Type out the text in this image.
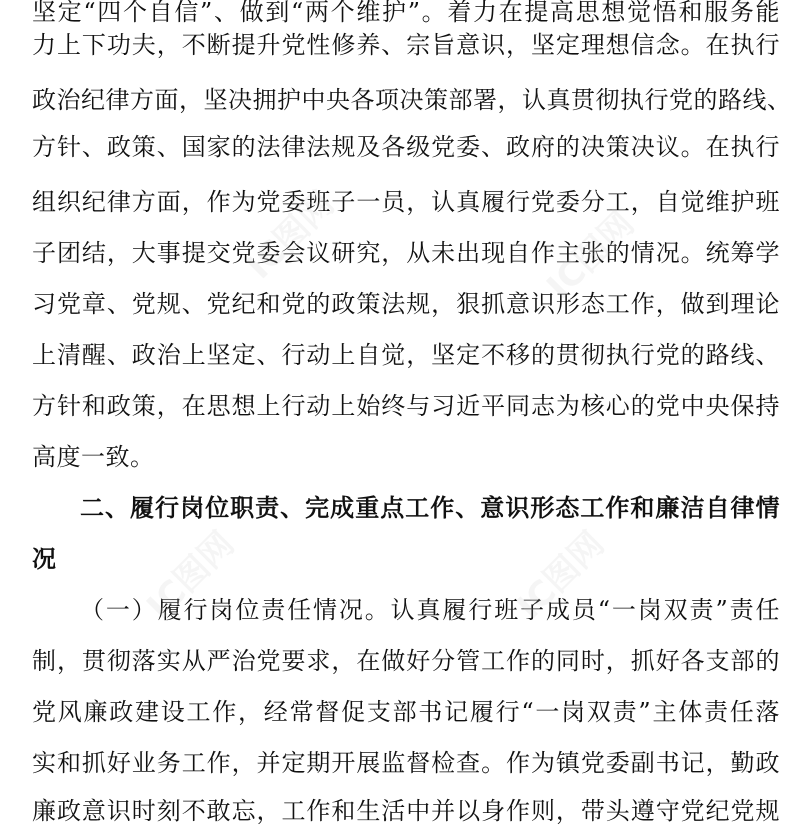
坚定“四个自信”、做到“两个维护”。着力在提高思想觉悟和服务能
力上下功夫，不断提升党性修养、宗旨意识，坚定理想信念。在执行
政治纪律方面，坚决拥护中央各项决策部署，认真贯彻执行党的路线、
方针、政策、国家的法律法规及各级党委、政府的决策决议。在执行
组织纪律方面，作为党委班子一员，认真履行党委分工，自觉维护班
子团结，大事提交党委会议研究，从未出现自作主张的情况。统筹学
习党章、党规、党纪和党的政策法规，狠抓意识形态工作，做到理论
上清醒、政治上坚定、行动上自觉，坚定不移的贯彻执行党的路线、
方针和政策，在思想上行动上始终与习近平同志为核心的党中央保持
高度一致。
二、履行岗位职责、完成重点工作、意识形态工作和廉洁自律情
况
（一）履行岗位责任情况。认真履行班子成员“一岗双责”责任
制，贯彻落实从严治党要求，在做好分管工作的同时，抓好各支部的
党风廉政建设工作，经常督促支部书记履行“一岗双责”主体责任落
实和抓好业务工作，并定期开展监督检查。作为镇党委副书记，勤政
廉政意识时刻不敢忘，工作和生活中并以身作则，带头遵守党纪党规
IC图网
IC图网	IC图网
IC图网
